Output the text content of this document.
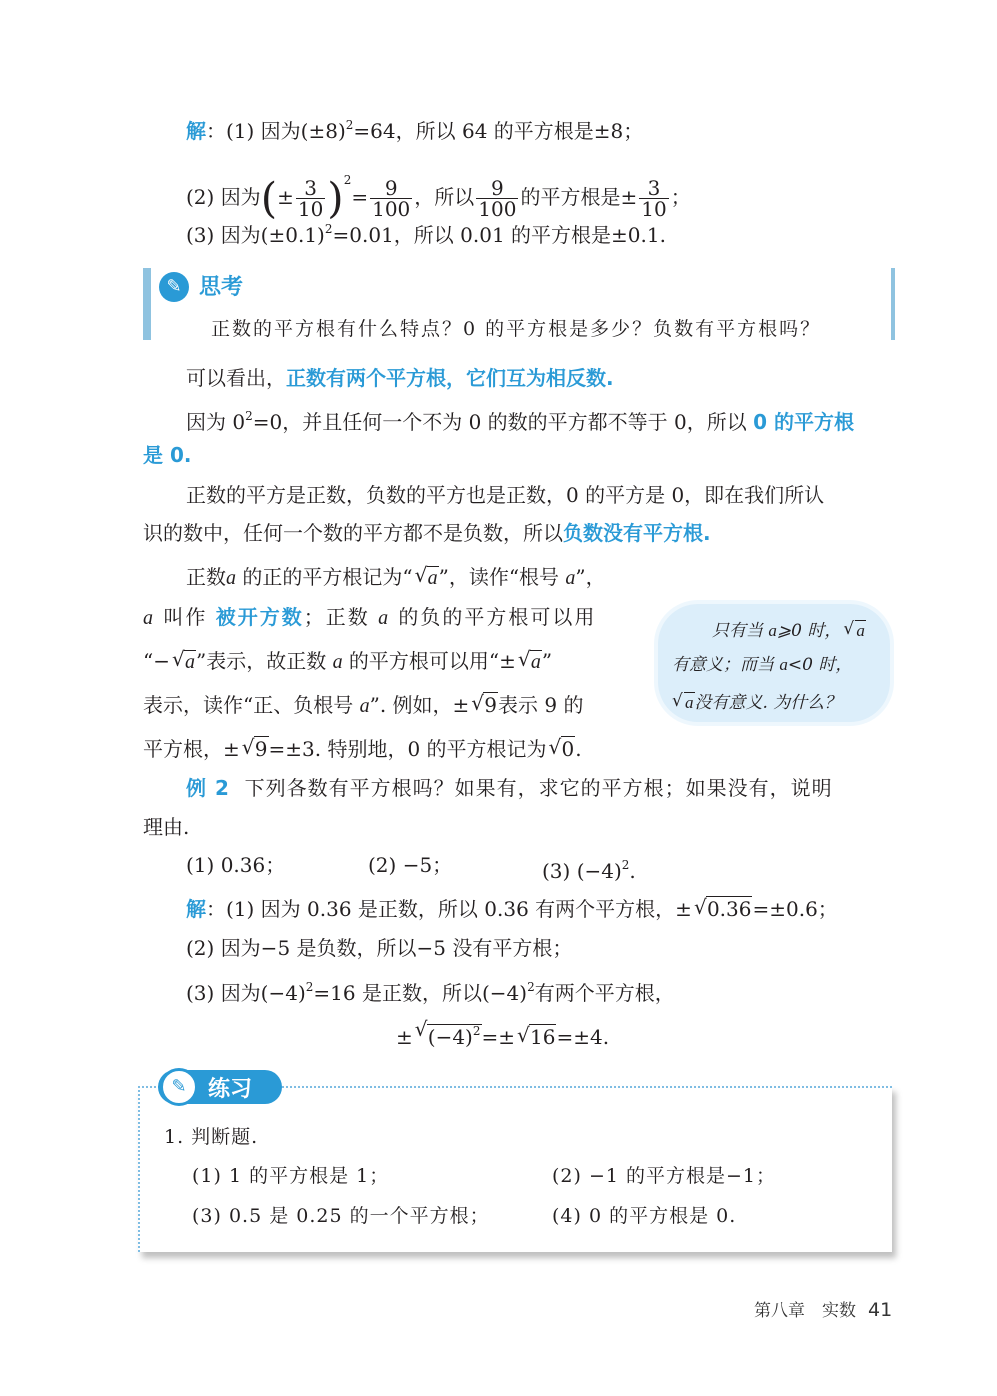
解：(1) 因为$(\pm 8)^2=64$，所以 64 的平方根是±8；
(2) 因为(± $\frac{3}{10} )^2= \frac{9}{100}$ ，所以 $\frac{9}{100}$ 的平方根是± $\frac{3}{10}$ ；
(3) 因为$(\pm 0.1)^2=0.01$，所以 0.01 的平方根是±0.1.
✎ 思考
正数的平方根有什么特点？0 的平方根是多少？负数有平方根吗？
可以看出，正数有两个平方根，它们互为相反数.
因为 $0^2=0$，并且任何一个不为 0 的数的平方都不等于 0，所以 0 的平方根
是 0.
正数的平方是正数，负数的平方也是正数，0 的平方是 0，即在我们所认
识的数中，任何一个数的平方都不是负数，所以负数没有平方根.
正数a 的正的平方根记为“√ a”，读作“根号 a”，
a 叫作 被开方数；正数 a 的负的平方根可以用
“−√ a”表示，故正数 a 的平方根可以用“±√ a”
表示，读作“正、负根号 a”. 例如，±√ 9表示 9 的
平方根，±√ 9=±3. 特别地，0 的平方根记为√ 0.
只有当 a⩾0 时，√ a
有意义；而当 a<0 时，
√ a没有意义. 为什么？
例 2 下列各数有平方根吗？如果有，求它的平方根；如果没有，说明
理由.
(1) 0.36；	(2) −5；	(3) $(-4)^2$.
解：(1) 因为 0.36 是正数，所以 0.36 有两个平方根，±√ 0.36=±0.6；
(2) 因为−5 是负数，所以−5 没有平方根；
(3) 因为$(-4)^2=16$ 是正数，所以$(-4)^2$有两个平方根，
±√ $(-4)^2=\pm√$ 16=±4.
1. 判断题.
(1) 1 的平方根是 1；	(2) −1 的平方根是−1；
(3) 0.5 是 0.25 的一个平方根；	(4) 0 的平方根是 0.
✎ 练习
第八章　实数 41
